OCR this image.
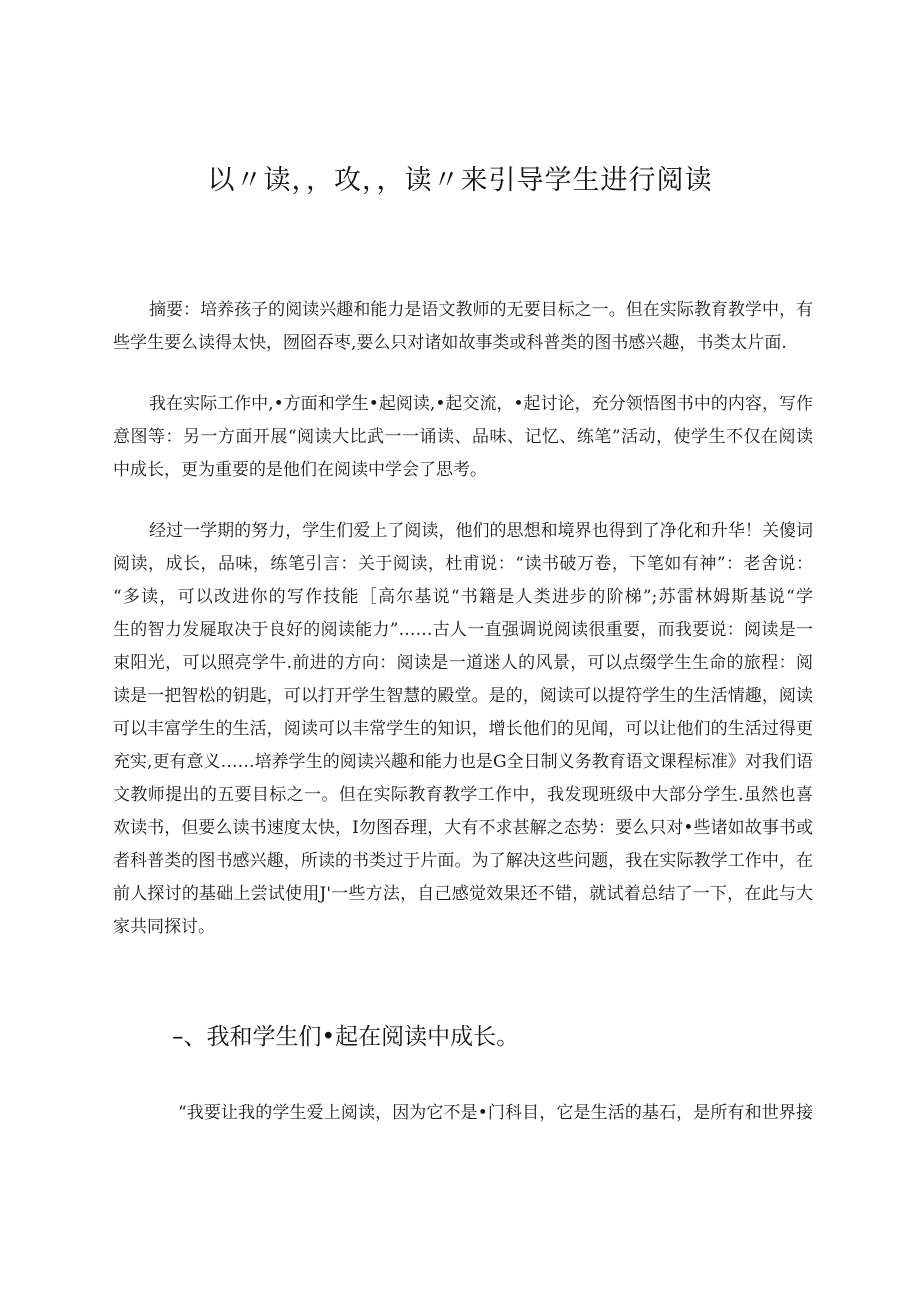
以〃读，，攻，，读〃来引导学生进行阅读
摘要：培养孩子的阅读兴趣和能力是语文教师的无要目标之一。但在实际教育教学中，有
些学生要么读得太快，囫囵吞枣,要么只对诸如故事类或科普类的图书感兴趣，书类太片面.
我在实际工作中,•方面和学生•起阅读,•起交流，•起讨论，充分领悟图书中的内容，写作
意图等：另一方面开展“阅读大比武一一诵读、品味、记忆、练笔”活动，使学生不仅在阅读
中成长，更为重要的是他们在阅读中学会了思考。
经过一学期的努力，学生们爱上了阅读，他们的思想和境界也得到了净化和升华！关傻词
阅读，成长，品味，练笔引言：关于阅读，杜甫说：“读书破万卷，下笔如有神”：老舍说：
“多读，可以改进你的写作技能［高尔基说“书籍是人类进步的阶梯”;苏雷林姆斯基说“学
生的智力发屣取决于良好的阅读能力”……古人一直强调说阅读很重要，而我要说：阅读是一
束阳光，可以照亮学牛.前进的方向：阅读是一道迷人的风景，可以点缀学生生命的旅程：阅
读是一把智松的钥匙，可以打开学生智慧的殿堂。是的，阅读可以提符学生的生活情趣，阅读
可以丰富学生的生活，阅读可以丰常学生的知识，增长他们的见闻，可以让他们的生活过得更
充实,更有意义……培养学生的阅读兴趣和能力也是G全日制义务教育语文课程标准》对我们语
文教师提出的五要目标之一。但在实际教育教学工作中，我发现班级中大部分学生.虽然也喜
欢读书，但要么读书速度太快，I勿图吞理，大有不求甚解之态势：要么只对•些诸如故事书或
者科普类的图书感兴趣，所读的书类过于片面。为了解决这些问题，我在实际教学工作中，在
前人探讨的基础上尝试使用J'一些方法，自己感觉效果还不错，就试着总结了一下，在此与大
家共同探讨。
–、我和学生们•起在阅读中成长。
“我要让我的学生爱上阅读，因为它不是•门科目，它是生活的基石，是所有和世界接
